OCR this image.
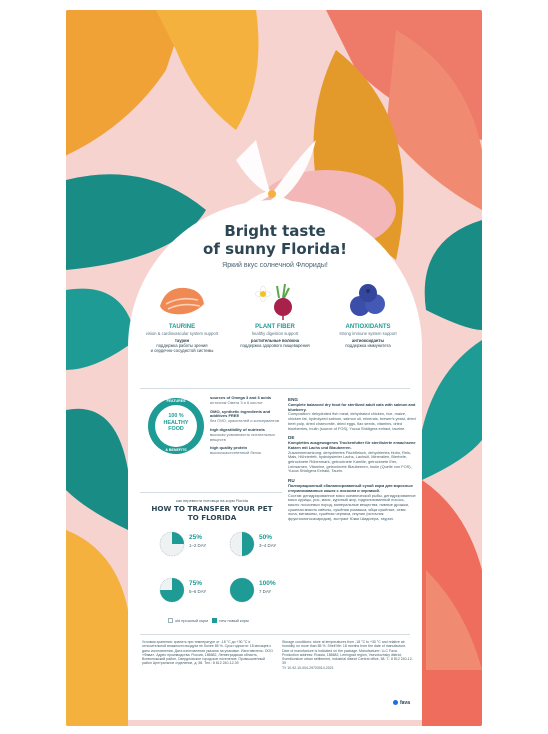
Bright taste
of sunny Florida!
Яркий вкус солнечной Флориды!
TAURINE
vision & cardiovascular system support
таурин
поддержка работы зрения
и сердечно-сосудистой системы
PLANT FIBER
healthy digestion support
растительные волокна
поддержка здорового пищеварения
ANTIOXIDANTS
strong immune system support
антиоксиданты
поддержка иммунитета
FEATURES
100 %
HEALTHY
FOOD
& BENEFITS
sources of Omega 3 and 6 acids
источник Омега 3 и 6 кислот
GMO, synthetic ingredients and additives FREE
без ГМО, красителей и консервантов
high digestibility of nutrients
высокая усвояемость питательных веществ
high quality protein
высококачественный белок
ENG
Complete balanced dry food for sterilized adult cats with salmon and blueberry.
Composition: dehydrated fish meat, dehydrated chicken, rice, maize, chicken fat, hydrolyzed salmon, salmon oil, minerals, brewer's yeast, dried beet pulp, dried chamomile, dried eggs, flax seeds, vitamins, dried blueberries, inulin (source of FOS), Yucca Shidigera extract, taurine.
DE
Komplettes ausgewogenes Trockenfutter für sterilisierte erwachsene Katzen mit Lachs und Blaubeeren.
Zusammensetzung: dehydriertes Fischfleisch, dehydriertes Huhn, Reis, Mais, Hühnerfett, hydrolysierter Lachs, Lachsöl, Mineralien, Bierhefe, getrocknete Rübenmark, getrocknete Kamille, getrocknete Eier, Leinsamen, Vitamine, getrocknete Blaubeeren, Inulin (Quelle von FOS), Yucca Shidigera Extrakt, Taurin.
RU
Полнорационный сбалансированный сухой корм для взрослых стерилизованных кошек с лососем и черникой.
Состав: дегидрированное мясо океанической рыбы, дегидрированное мясо курицы, рис, маис, куриный жир, гидролизованный лосось, масло лососевых пород, минеральные вещества, пивные дрожжи, сушеная мякоть свёклы, сушёная ромашка, яйца сушёные, семя льна, витамины, сушёная черника, инулин (источник фруктоолигосахаридов), экстракт Юкки Шидигера, таурин.
как перевести питомца на корм Florida
HOW TO TRANSFER YOUR PET
TO FLORIDA
25%
1–2 DAY
50%
3–4 DAY
75%
5–6 DAY
100%
7 DAY
old прошлый корм	new новый корм
Условия хранения: хранить при температуре от -18 °С до +30 °С и относительной влажности воздуха не более 85 %. Срок годности: 18 месяцев с даты изготовления. Дата изготовления указана на упаковке. Изготовитель: ООО «Фава». Адрес производства: Россия, 188682, Ленинградская область, Всеволожский район, Свердловское городское поселение, Промышленный район Центральное отделение, д. 58. Тел.: 8 812 240-12-39
Storage conditions: store at temperatures from -18 °C to +30 °C and relative air humidity no more than 85 %. Shelf life: 18 months from the date of manufacture. Date of manufacture is indicated on the package. Manufacturer: LLC Fava. Production address: Russia, 188682, Leningrad region, Vsevolozhsky district, Sverdlovskoe urban settlement, industrial district Central office, 58. T.: 8 812 240-12-39
ТУ 10.92.10-004-29703014-2021
fava
